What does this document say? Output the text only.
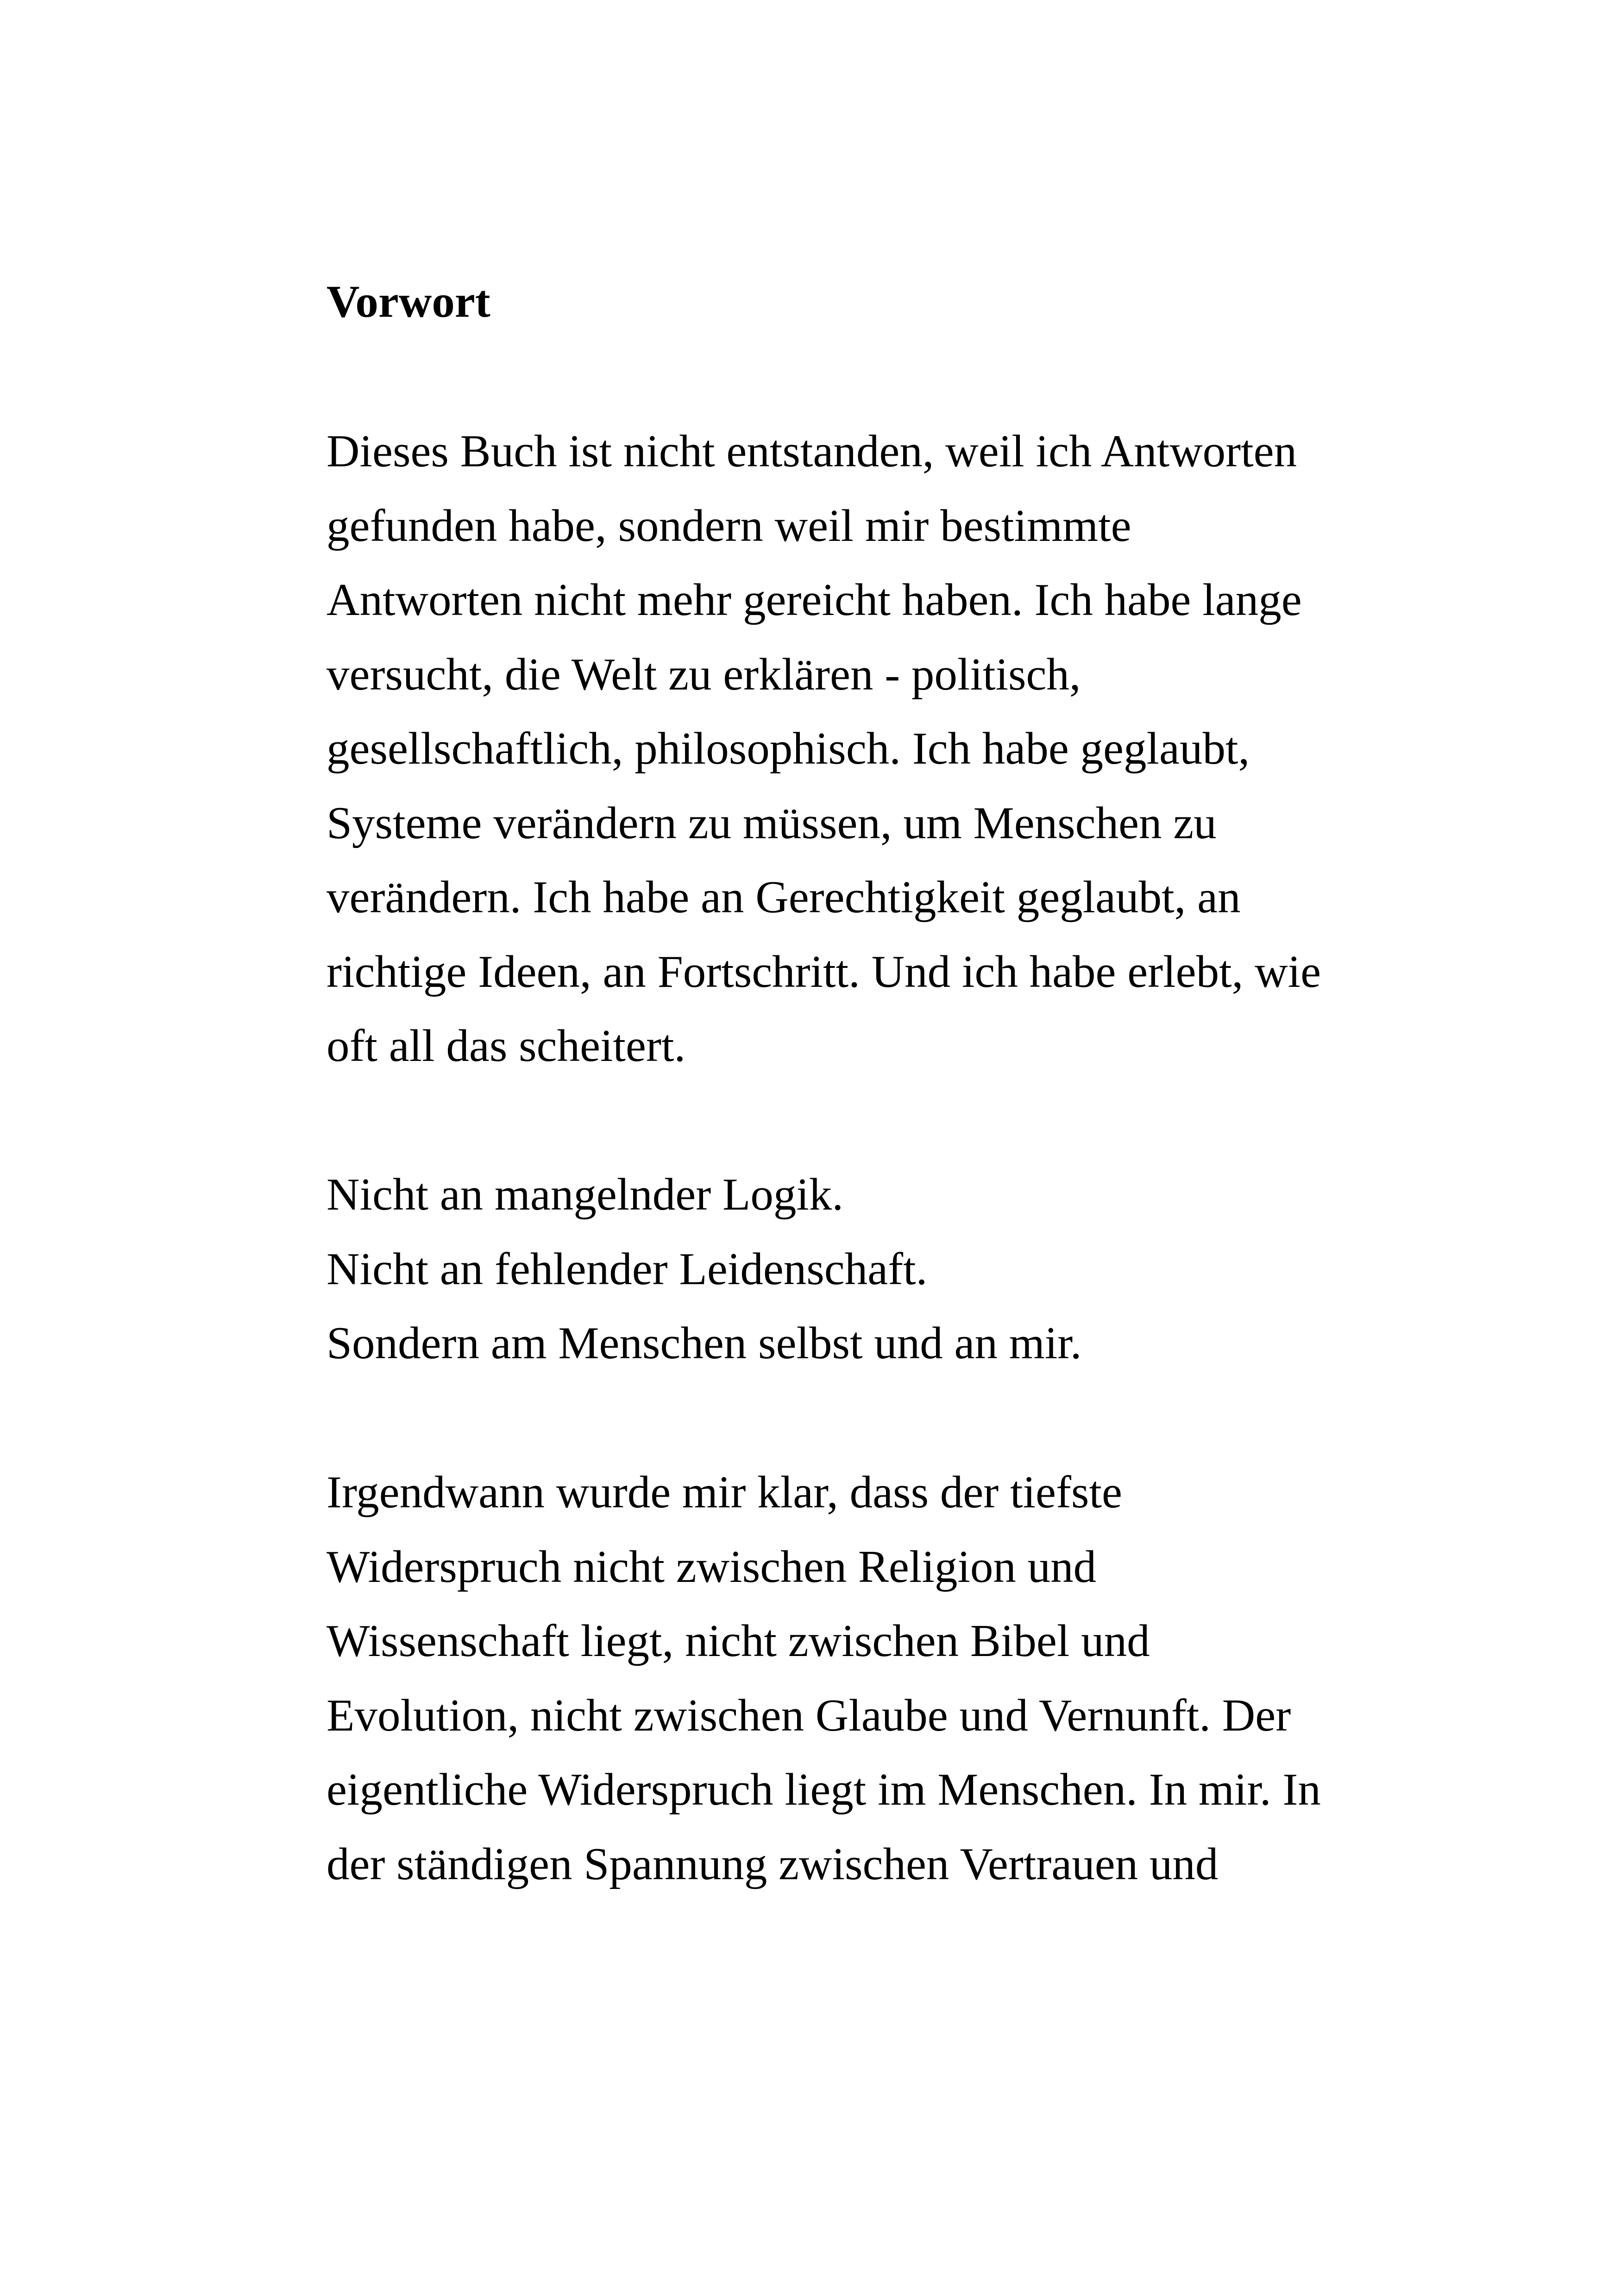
Vorwort
Dieses Buch ist nicht entstanden, weil ich Antworten
gefunden habe, sondern weil mir bestimmte
Antworten nicht mehr gereicht haben. Ich habe lange
versucht, die Welt zu erklären - politisch,
gesellschaftlich, philosophisch. Ich habe geglaubt,
Systeme verändern zu müssen, um Menschen zu
verändern. Ich habe an Gerechtigkeit geglaubt, an
richtige Ideen, an Fortschritt. Und ich habe erlebt, wie
oft all das scheitert.
Nicht an mangelnder Logik.
Nicht an fehlender Leidenschaft.
Sondern am Menschen selbst und an mir.
Irgendwann wurde mir klar, dass der tiefste
Widerspruch nicht zwischen Religion und
Wissenschaft liegt, nicht zwischen Bibel und
Evolution, nicht zwischen Glaube und Vernunft. Der
eigentliche Widerspruch liegt im Menschen. In mir. In
der ständigen Spannung zwischen Vertrauen und
